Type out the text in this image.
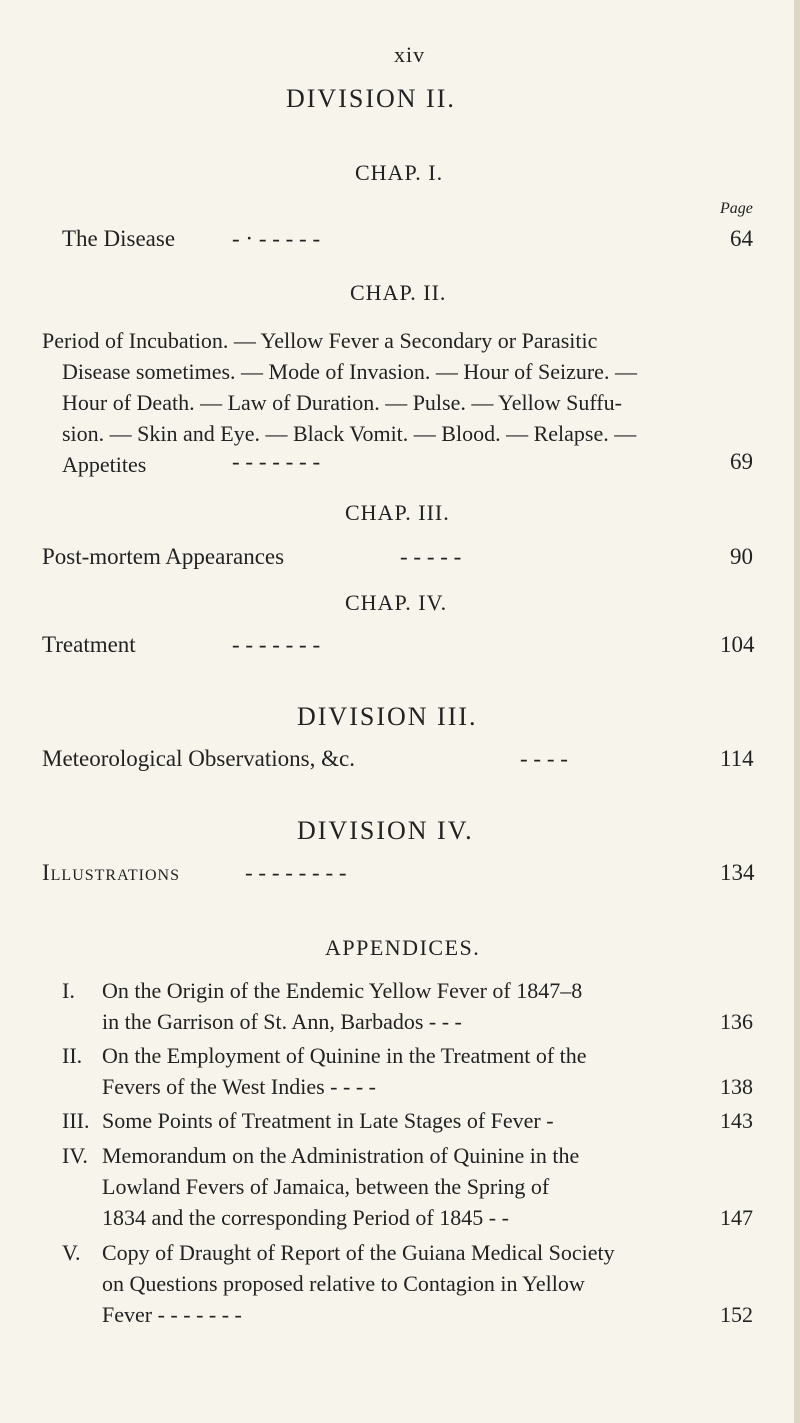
xiv
DIVISION II.
CHAP. I.
Page
The Disease - · - - - - -	64
CHAP. II.
Period of Incubation. — Yellow Fever a Secondary or Parasitic
Disease sometimes. — Mode of Invasion. — Hour of Seizure. —
Hour of Death. — Law of Duration. — Pulse. — Yellow Suffu-
sion. — Skin and Eye. — Black Vomit. — Blood. — Relapse. —
Appetites	- - - - - - -	69
CHAP. III.
Post-mortem Appearances	- - - - -	90
CHAP. IV.
Treatment	- - - - - - -	104
DIVISION III.
Meteorological Observations, &c.	- - - -	114
DIVISION IV.
Illustrations	- - - - - - - -	134
APPENDICES.
I. On the Origin of the Endemic Yellow Fever of 1847–8
in the Garrison of St. Ann, Barbados - - -	136
II. On the Employment of Quinine in the Treatment of the
Fevers of the West Indies - - - -	138
III. Some Points of Treatment in Late Stages of Fever -	143
IV. Memorandum on the Administration of Quinine in the
Lowland Fevers of Jamaica, between the Spring of
1834 and the corresponding Period of 1845 - -	147
V. Copy of Draught of Report of the Guiana Medical Society
on Questions proposed relative to Contagion in Yellow
Fever - - - - - - -	152
